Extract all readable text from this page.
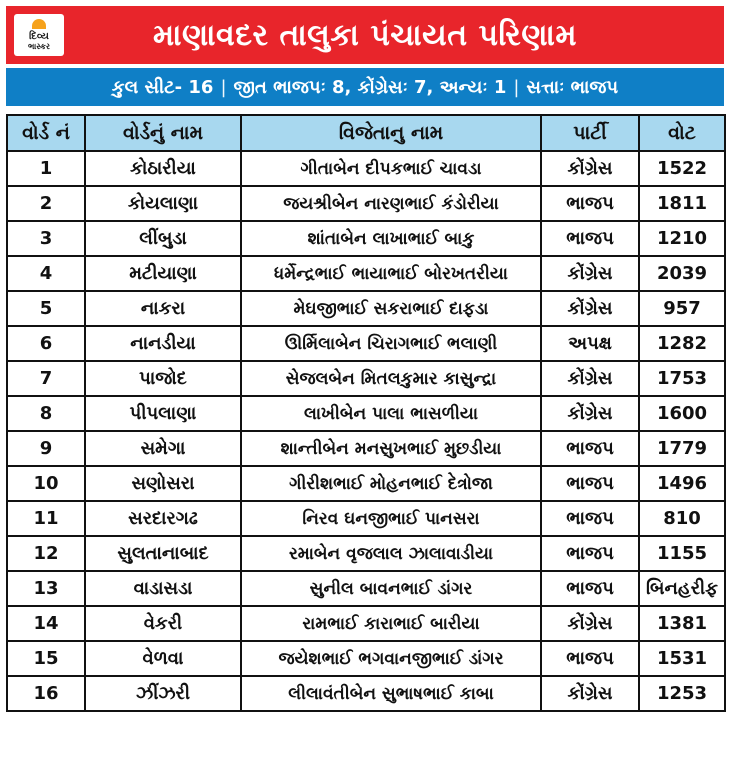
દિવ્ય
ભાસ્કર	માણાવદર તાલુકા પંચાયત પરિણામ
કુલ સીટ- 16 | જીત ભાજપઃ 8, કોંગ્રેસઃ 7, અન્યઃ 1 | સત્તાઃ ભાજપ
વોર્ડ નં	વોર્ડનું નામ	વિજેતાનુ નામ	પાર્ટી	વોટ
1	કોઠારીયા	ગીતાબેન દીપકભાઈ ચાવડા	કોંગ્રેસ	1522
2	કોયલાણા	જયશ્રીબેન નારણભાઈ કંડોરીયા	ભાજપ	1811
3	લીંબુડા	શાંતાબેન લાખાભાઈ બાકુ	ભાજપ	1210
4	મટીયાણા	ધર્મેન્દ્રભાઈ ભાયાભાઈ બોરખતરીયા	કોંગ્રેસ	2039
5	નાકરા	મેઘજીભાઈ સકરાભાઈ દાફડા	કોંગ્રેસ	957
6	નાનડીયા	ઊર્મિલાબેન ચિરાગભાઈ ભલાણી	અપક્ષ	1282
7	પાજોદ	સેજલબેન મિતલકુમાર કાસુન્દ્રા	કોંગ્રેસ	1753
8	પીપલાણા	લાખીબેન પાલા ભાસળીયા	કોંગ્રેસ	1600
9	સમેગા	શાન્તીબેન મનસુખભાઈ મુછડીયા	ભાજપ	1779
10	સણોસરા	ગીરીશભાઈ મોહનભાઈ દેત્રોજા	ભાજપ	1496
11	સરદારગઢ	નિરવ ઘનજીભાઈ પાનસરા	ભાજપ	810
12	સુલતાનાબાદ	રમાબેન વૃજલાલ ઝાલાવાડીયા	ભાજપ	1155
13	વાડાસડા	સુનીલ બાવનભાઈ ડાંગર	ભાજપ	બિનહરીફ
14	વેકરી	રામભાઈ કારાભાઈ બારીયા	કોંગ્રેસ	1381
15	વેળવા	જયેશભાઈ ભગવાનજીભાઈ ડાંગર	ભાજપ	1531
16	ઝીંઝરી	લીલાવંતીબેન સુભાષભાઈ કાબા	કોંગ્રેસ	1253
